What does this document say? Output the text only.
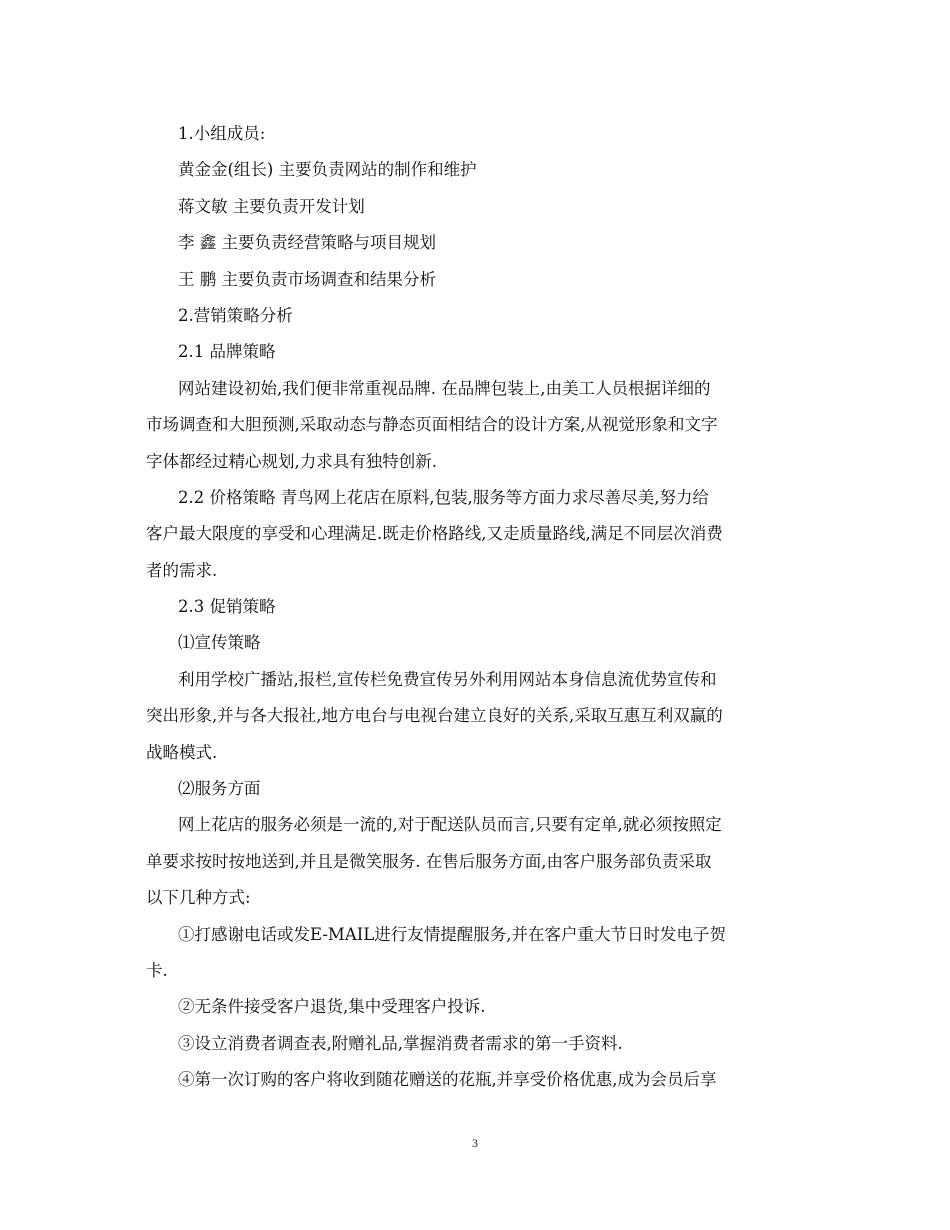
1.小组成员:
黄金金(组长) 主要负责网站的制作和维护
蒋文敏 主要负责开发计划
李 鑫 主要负责经营策略与项目规划
王 鹏 主要负责市场调查和结果分析
2.营销策略分析
2.1 品牌策略
网站建设初始,我们便非常重视品牌. 在品牌包装上,由美工人员根据详细的
市场调查和大胆预测,采取动态与静态页面相结合的设计方案,从视觉形象和文字
字体都经过精心规划,力求具有独特创新.
2.2 价格策略 青鸟网上花店在原料,包装,服务等方面力求尽善尽美,努力给
客户最大限度的享受和心理满足.既走价格路线,又走质量路线,满足不同层次消费
者的需求.
2.3 促销策略
⑴宣传策略
利用学校广播站,报栏,宣传栏免费宣传另外利用网站本身信息流优势宣传和
突出形象,并与各大报社,地方电台与电视台建立良好的关系,采取互惠互利双赢的
战略模式.
⑵服务方面
网上花店的服务必须是一流的,对于配送队员而言,只要有定单,就必须按照定
单要求按时按地送到,并且是微笑服务. 在售后服务方面,由客户服务部负责采取
以下几种方式:
①打感谢电话或发E-MAIL进行友情提醒服务,并在客户重大节日时发电子贺
卡.
②无条件接受客户退货,集中受理客户投诉.
③设立消费者调查表,附赠礼品,掌握消费者需求的第一手资料.
④第一次订购的客户将收到随花赠送的花瓶,并享受价格优惠,成为会员后享
3
